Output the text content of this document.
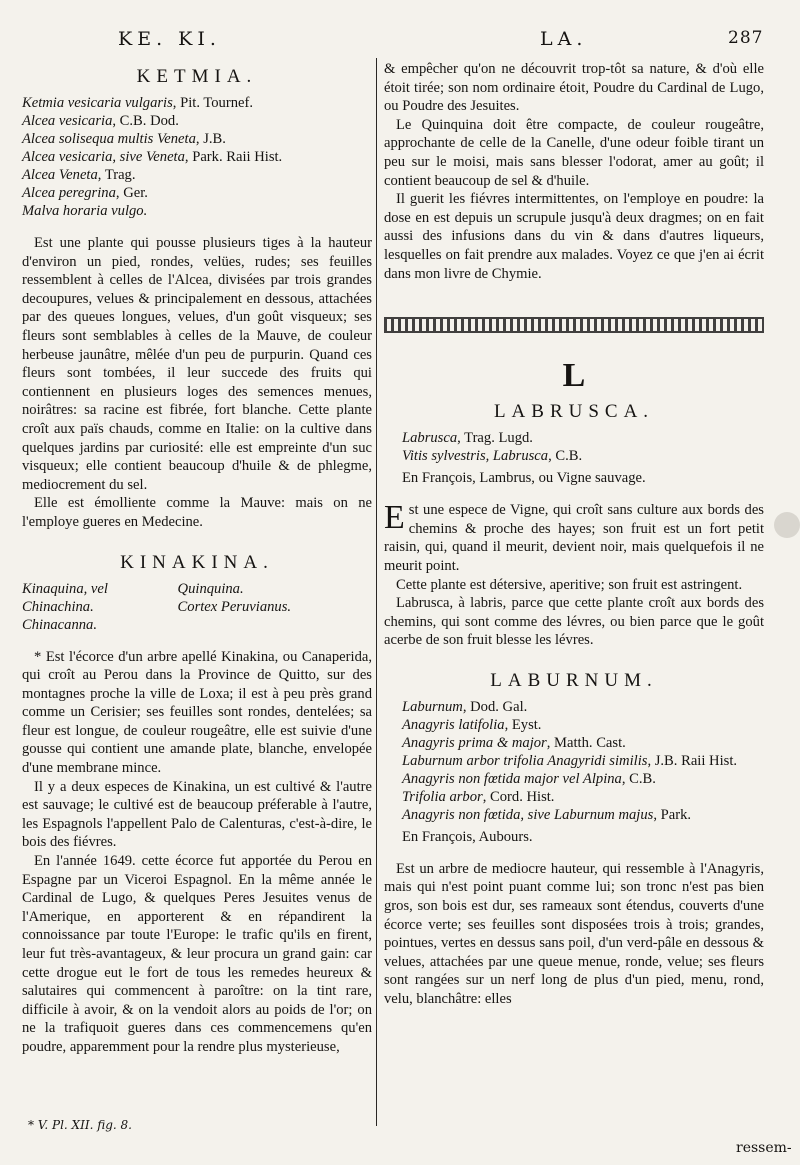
KE. KI.	LA.	287
KETMIA.
Ketmia vesicaria vulgaris, Pit. Tournef.
Alcea vesicaria, C.B. Dod.
Alcea solisequa multis Veneta, J.B.
Alcea vesicaria, sive Veneta, Park. Raii Hist.
Alcea Veneta, Trag.
Alcea peregrina, Ger.
Malva horaria vulgo.

Est une plante qui pousse plusieurs tiges à la hauteur d'environ un pied, rondes, velües, rudes; ses feuilles ressemblent à celles de l'Alcea, divisées par trois grandes decoupures, velues & principalement en dessous, attachées par des queues longues, velues, d'un goût visqueux; ses fleurs sont semblables à celles de la Mauve, de couleur herbeuse jaunâtre, mêlée d'un peu de purpurin. Quand ces fleurs sont tombées, il leur succede des fruits qui contiennent en plusieurs loges des semences menues, noirâtres: sa racine est fibrée, fort blanche. Cette plante croît aux païs chauds, comme en Italie: on la cultive dans quelques jardins par curiosité: elle est empreinte d'un suc visqueux; elle contient beaucoup d'huile & de phlegme, mediocrement du sel.

Elle est émolliente comme la Mauve: mais on ne l'employe gueres en Medecine.

KINAKINA.
Kinaquina, vel	Quinquina.
Chinachina.	Cortex Peruvianus.
Chinacanna.

* Est l'écorce d'un arbre apellé Kinakina, ou Canaperida, qui croît au Perou dans la Province de Quitto, sur des montagnes proche la ville de Loxa; il est à peu près grand comme un Cerisier; ses feuilles sont rondes, dentelées; sa fleur est longue, de couleur rougeâtre, elle est suivie d'une gousse qui contient une amande plate, blanche, envelopée d'une membrane mince.

Il y a deux especes de Kinakina, un est cultivé & l'autre est sauvage; le cultivé est de beaucoup préferable à l'autre, les Espagnols l'appellent Palo de Calenturas, c'est-à-dire, le bois des fiévres.

En l'année 1649. cette écorce fut apportée du Perou en Espagne par un Viceroi Espagnol. En la même année le Cardinal de Lugo, & quelques Peres Jesuites venus de l'Amerique, en apporterent & en répandirent la connoissance par toute l'Europe: le trafic qu'ils en firent, leur fut très-avantageux, & leur procura un grand gain: car cette drogue eut le fort de tous les remedes heureux & salutaires qui commencent à paroître: on la tint rare, difficile à avoir, & on la vendoit alors au poids de l'or; on ne la trafiquoit gueres dans ces commencemens qu'en poudre, apparemment pour la rendre plus mysterieuse,

* V. Pl. XII. fig. 8.

& empêcher qu'on ne découvrit trop-tôt sa nature, & d'où elle étoit tirée; son nom ordinaire étoit, Poudre du Cardinal de Lugo, ou Poudre des Jesuites.

Le Quinquina doit être compacte, de couleur rougeâtre, approchante de celle de la Canelle, d'une odeur foible tirant un peu sur le moisi, mais sans blesser l'odorat, amer au goût; il contient beaucoup de sel & d'huile.

Il guerit les fiévres intermittentes, on l'employe en poudre: la dose en est depuis un scrupule jusqu'à deux dragmes; on en fait aussi des infusions dans du vin & dans d'autres liqueurs, lesquelles on fait prendre aux malades. Voyez ce que j'en ai écrit dans mon livre de Chymie.

L
LABRUSCA.
Labrusca, Trag. Lugd.
Vitis sylvestris, Labrusca, C.B.
En François, Lambrus, ou Vigne sauvage.

Est une espece de Vigne, qui croît sans culture aux bords des chemins & proche des hayes; son fruit est un fort petit raisin, qui, quand il meurit, devient noir, mais quelquefois il ne meurit point.

Cette plante est détersive, aperitive; son fruit est astringent.

Labrusca, à labris, parce que cette plante croît aux bords des chemins, qui sont comme des lévres, ou bien parce que le goût acerbe de son fruit blesse les lévres.

LABURNUM.
Laburnum, Dod. Gal.
Anagyris latifolia, Eyst.
Anagyris prima & major, Matth. Cast.
Laburnum arbor trifolia Anagyridi similis, J.B. Raii Hist.
Anagyris non fœtida major vel Alpina, C.B.
Trifolia arbor, Cord. Hist.
Anagyris non fœtida, sive Laburnum majus, Park.
En François, Aubours.

Est un arbre de mediocre hauteur, qui ressemble à l'Anagyris, mais qui n'est point puant comme lui; son tronc n'est pas bien gros, son bois est dur, ses rameaux sont étendus, couverts d'une écorce verte; ses feuilles sont disposées trois à trois; grandes, pointues, vertes en dessus sans poil, d'un verd-pâle en dessous & velues, attachées par une queue menue, ronde, velue; ses fleurs sont rangées sur un nerf long de plus d'un pied, menu, rond, velu, blanchâtre: elles

ressem-
